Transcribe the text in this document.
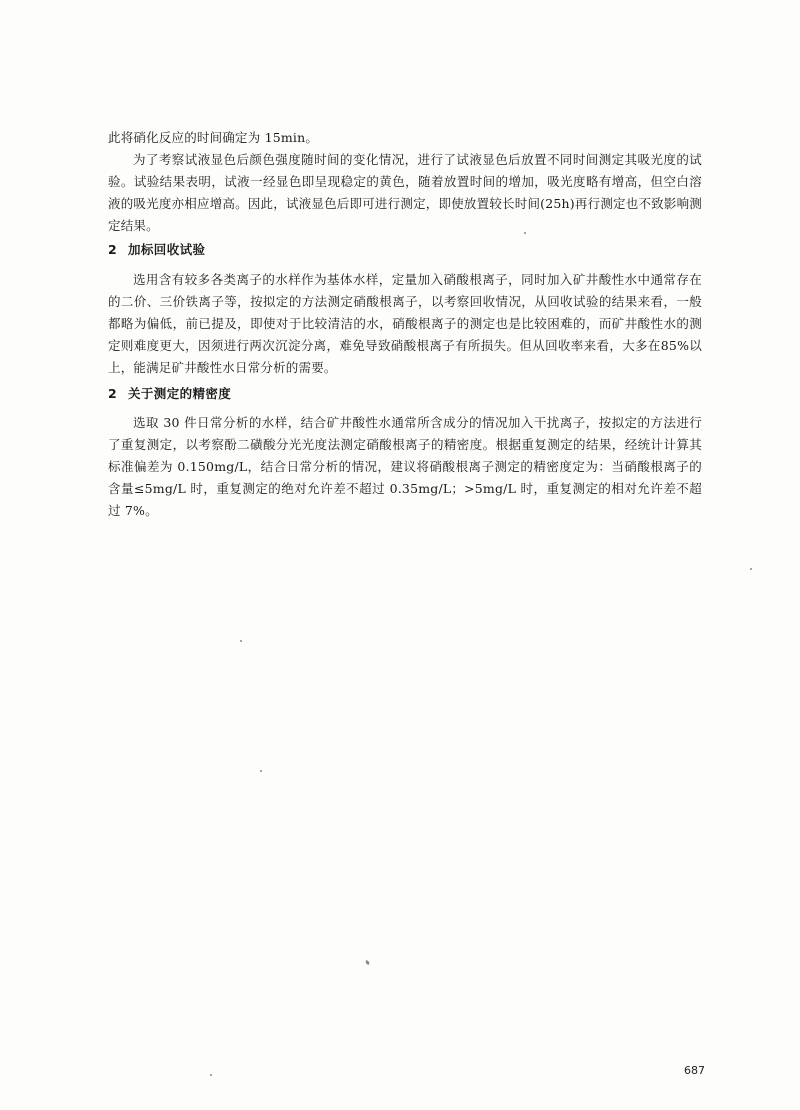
此将硝化反应的时间确定为 15min。

为了考察试液显色后颜色强度随时间的变化情况，进行了试液显色后放置不同时间测定其吸光度的试验。试验结果表明，试液一经显色即呈现稳定的黄色，随着放置时间的增加，吸光度略有增高，但空白溶液的吸光度亦相应增高。因此，试液显色后即可进行测定，即使放置较长时间(25h)再行测定也不致影响测定结果。

2 加标回收试验

选用含有较多各类离子的水样作为基体水样，定量加入硝酸根离子，同时加入矿井酸性水中通常存在的二价、三价铁离子等，按拟定的方法测定硝酸根离子，以考察回收情况，从回收试验的结果来看，一般都略为偏低，前已提及，即使对于比较清洁的水，硝酸根离子的测定也是比较困难的，而矿井酸性水的测定则难度更大，因须进行两次沉淀分离，难免导致硝酸根离子有所损失。但从回收率来看，大多在85%以上，能满足矿井酸性水日常分析的需要。

2 关于测定的精密度

选取 30 件日常分析的水样，结合矿井酸性水通常所含成分的情况加入干扰离子，按拟定的方法进行了重复测定，以考察酚二磺酸分光光度法测定硝酸根离子的精密度。根据重复测定的结果，经统计计算其标准偏差为 0.150mg/L，结合日常分析的情况，建议将硝酸根离子测定的精密度定为：当硝酸根离子的含量≤5mg/L 时，重复测定的绝对允许差不超过 0.35mg/L；>5mg/L 时，重复测定的相对允许差不超过 7%。

687
